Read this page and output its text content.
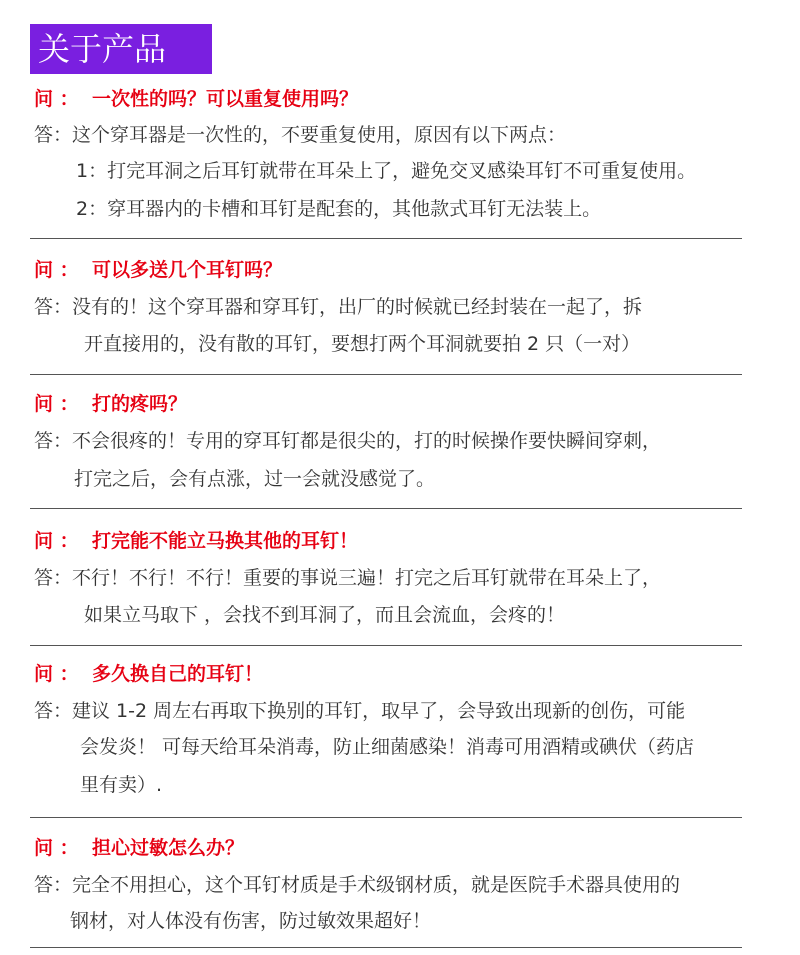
关于产品
问 ： 一次性的吗？可以重复使用吗？
答：这个穿耳器是一次性的，不要重复使用，原因有以下两点：
1：打完耳洞之后耳钉就带在耳朵上了，避免交叉感染耳钉不可重复使用。
2：穿耳器内的卡槽和耳钉是配套的，其他款式耳钉无法装上。
问 ： 可以多送几个耳钉吗？
答：没有的！这个穿耳器和穿耳钉，出厂的时候就已经封装在一起了，拆
开直接用的，没有散的耳钉，要想打两个耳洞就要拍 2 只（一对）
问 ： 打的疼吗？
答：不会很疼的！专用的穿耳钉都是很尖的，打的时候操作要快瞬间穿刺，
打完之后，会有点涨，过一会就没感觉了。
问 ： 打完能不能立马换其他的耳钉！
答：不行！不行！不行！重要的事说三遍！打完之后耳钉就带在耳朵上了，
如果立马取下 ，会找不到耳洞了，而且会流血，会疼的！
问 ： 多久换自己的耳钉！
答：建议 1-2 周左右再取下换别的耳钉，取早了，会导致出现新的创伤，可能
会发炎！ 可每天给耳朵消毒，防止细菌感染！消毒可用酒精或碘伏（药店
里有卖）.
问 ： 担心过敏怎么办？
答：完全不用担心，这个耳钉材质是手术级钢材质，就是医院手术器具使用的
钢材，对人体没有伤害，防过敏效果超好！
